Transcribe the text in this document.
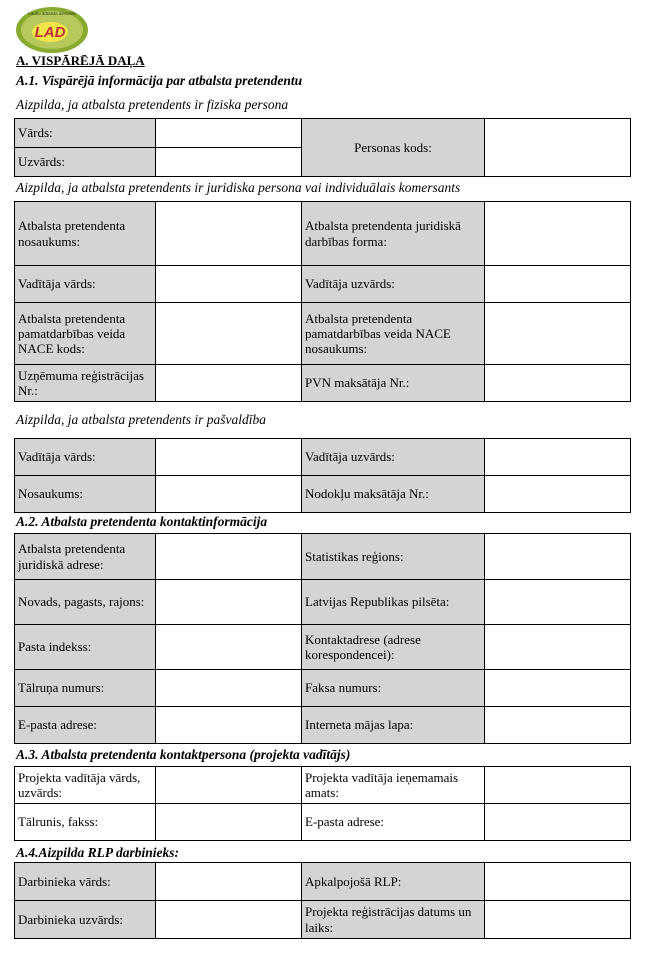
LAD
Lauku atbalsta dienests
A. VISPĀRĒJĀ DAĻA
A.1. Vispārējā informācija par atbalsta pretendentu
Aizpilda, ja atbalsta pretendents ir fiziska persona
Vārds:		Personas kods:	
Uzvārds:			
Aizpilda, ja atbalsta pretendents ir juridiska persona vai individuālais komersants
Atbalsta pretendenta nosaukums:		Atbalsta pretendenta juridiskā darbības forma:	
Vadītāja vārds:		Vadītāja uzvārds:	
Atbalsta pretendenta pamatdarbības veida NACE kods:		Atbalsta pretendenta pamatdarbības veida NACE nosaukums:	
Uzņēmuma reģistrācijas Nr.:		PVN maksātāja Nr.:	
Aizpilda, ja atbalsta pretendents ir pašvaldība
Vadītāja vārds:		Vadītāja uzvārds:	
Nosaukums:		Nodokļu maksātāja Nr.:	
A.2. Atbalsta pretendenta kontaktinformācija
Atbalsta pretendenta juridiskā adrese:		Statistikas reģions:	
Novads, pagasts, rajons:		Latvijas Republikas pilsēta:	
Pasta indekss:		Kontaktadrese (adrese korespondencei):	
Tālruņa numurs:		Faksa numurs:	
E-pasta adrese:		Interneta mājas lapa:	
A.3. Atbalsta pretendenta kontaktpersona (projekta vadītājs)
Projekta vadītāja vārds, uzvārds:		Projekta vadītāja ieņemamais amats:	
Tālrunis, fakss:		E-pasta adrese:	
A.4.Aizpilda RLP darbinieks:
Darbinieka vārds:		Apkalpojošā RLP:	
Darbinieka uzvārds:		Projekta reģistrācijas datums un laiks:	
